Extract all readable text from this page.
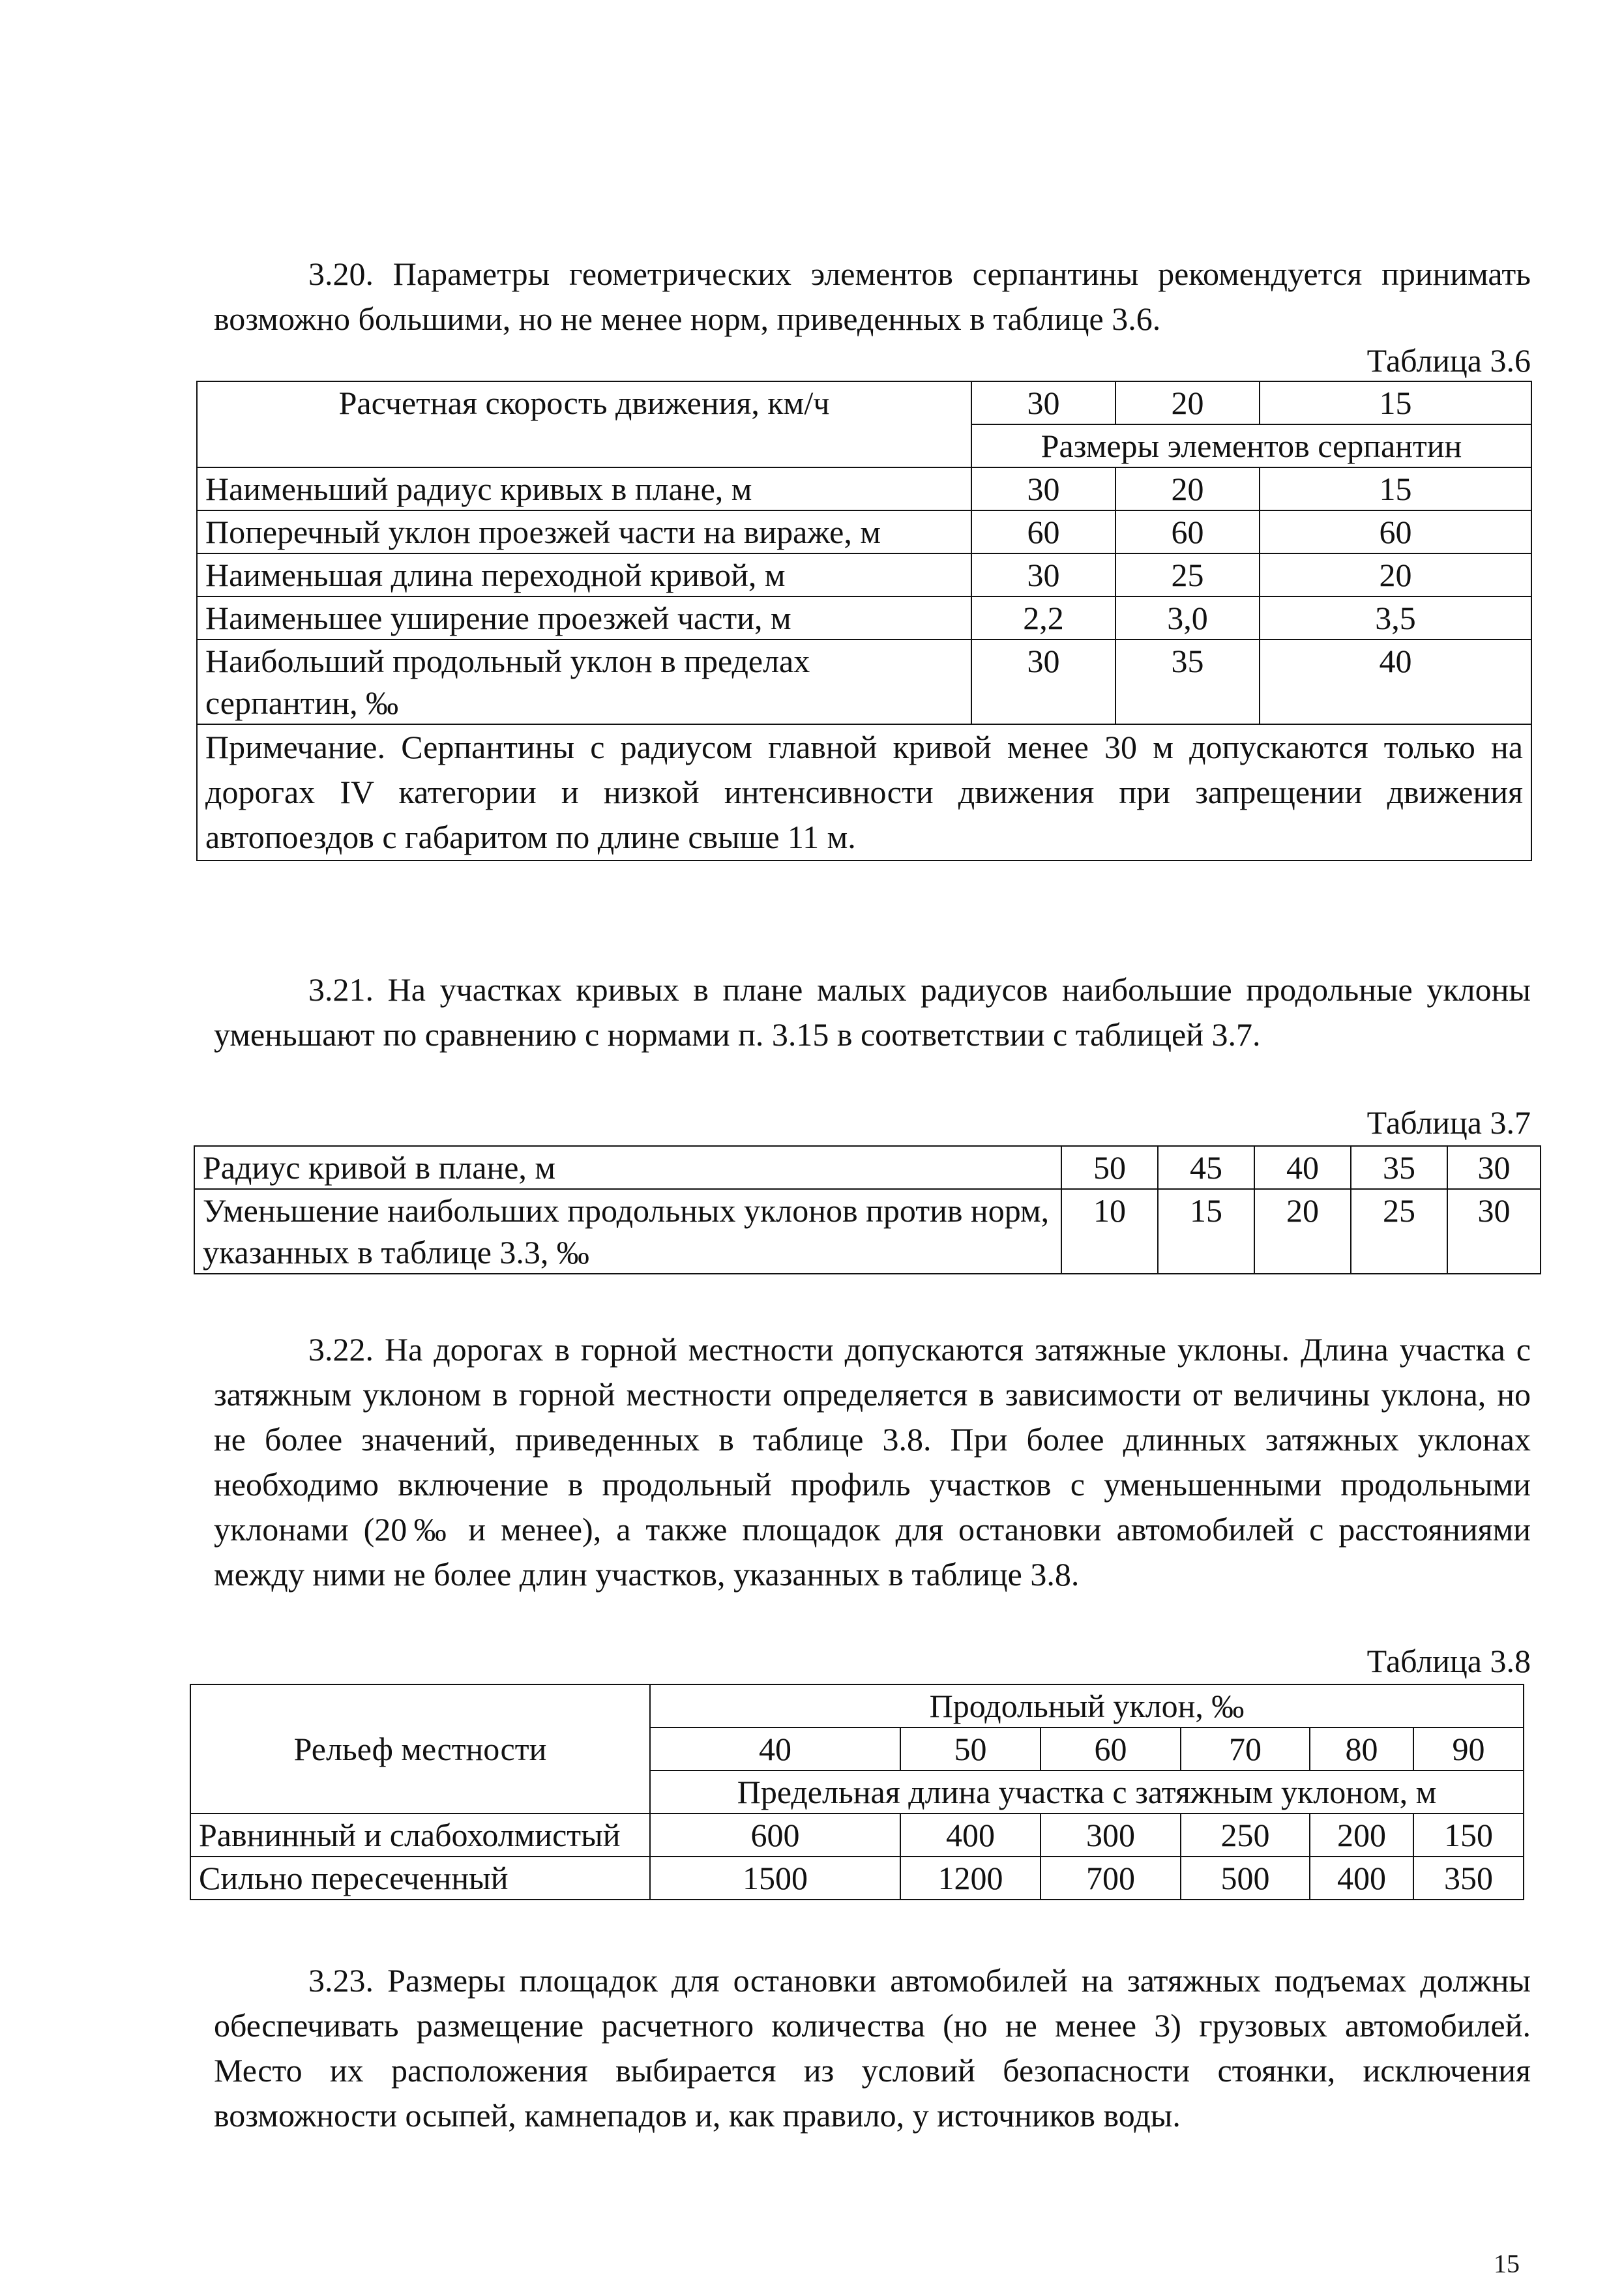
3.20. Параметры геометрических элементов серпантины рекомендуется принимать возможно большими, но не менее норм, приведенных в таблице 3.6.

Таблица 3.6

Расчетная скорость движения, км/ч	30	20	15
	Размеры элементов серпантин		
Наименьший радиус кривых в плане, м	30	20	15
Поперечный уклон проезжей части на вираже, м	60	60	60
Наименьшая длина переходной кривой, м	30	25	20
Наименьшее уширение проезжей части, м	2,2	3,0	3,5
Наибольший продольный уклон в пределах серпантин, ‰	30	35	40
Примечание. Серпантины с радиусом главной кривой менее 30 м допускаются только на дорогах IV категории и низкой интенсивности движения при запрещении движения автопоездов с габаритом по длине свыше 11 м.			

3.21. На участках кривых в плане малых радиусов наибольшие продольные уклоны уменьшают по сравнению с нормами п. 3.15 в соответствии с таблицей 3.7.

Таблица 3.7

Радиус кривой в плане, м	50	45	40	35	30
Уменьшение наибольших продольных уклонов против норм, указанных в таблице 3.3, ‰	10	15	20	25	30

3.22. На дорогах в горной местности допускаются затяжные уклоны. Длина участка с затяжным уклоном в горной местности определяется в зависимости от величины уклона, но не более значений, приведенных в таблице 3.8. При более длинных затяжных уклонах необходимо включение в продольный профиль участков с уменьшенными продольными уклонами (20‰ и менее), а также площадок для остановки автомобилей с расстояниями между ними не более длин участков, указанных в таблице 3.8.

Таблица 3.8

Рельеф местности	Продольный уклон, ‰					
	40	50	60	70	80	90
	Предельная длина участка с затяжным уклоном, м					
Равнинный и слабохолмистый	600	400	300	250	200	150
Сильно пересеченный	1500	1200	700	500	400	350

3.23. Размеры площадок для остановки автомобилей на затяжных подъемах должны обеспечивать размещение расчетного количества (но не менее 3) грузовых автомобилей. Место их расположения выбирается из условий безопасности стоянки, исключения возможности осыпей, камнепадов и, как правило, у источников воды.

15
